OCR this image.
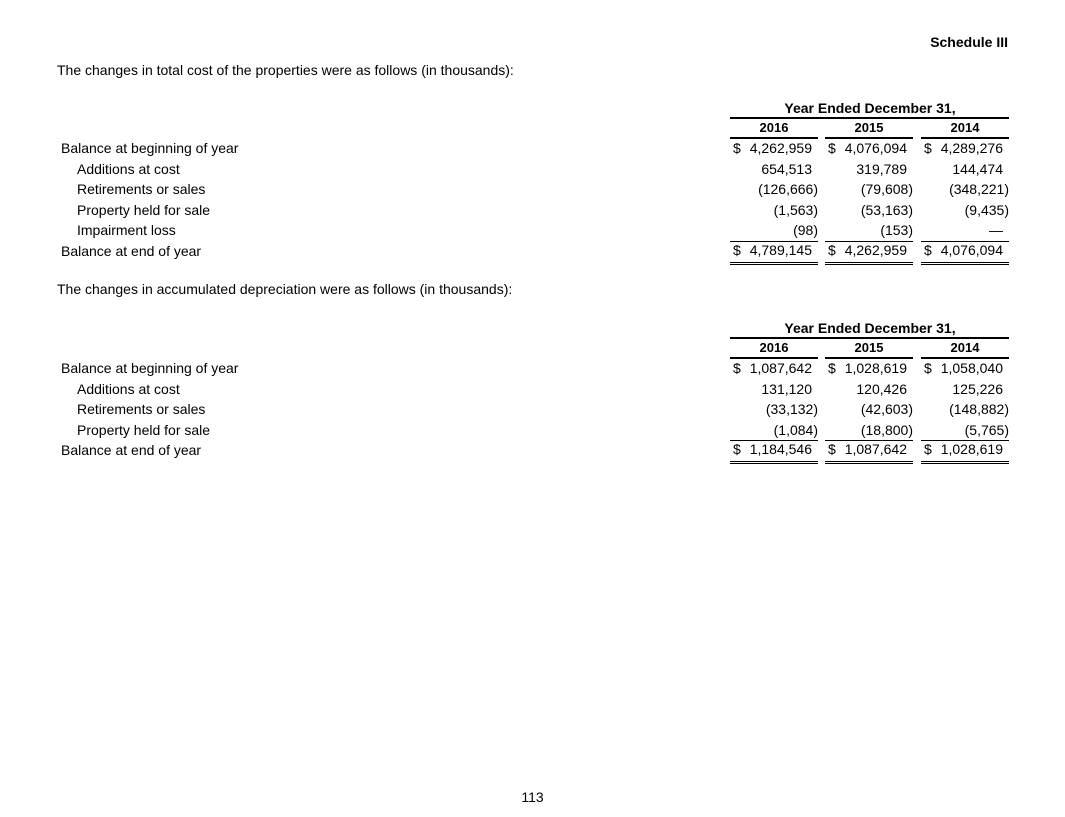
Schedule III
The changes in total cost of the properties were as follows (in thousands):
Year Ended December 31,
2016	2015	2014
Balance at beginning of year	$ 4,262,959 $ 4,076,094 $ 4,289,276
Additions at cost	654,513	319,789	144,474
Retirements or sales	(126,666)	(79,608)	(348,221)
Property held for sale	(1,563)	(53,163)	(9,435)
Impairment loss	(98)	(153)	—
Balance at end of year	$ 4,789,145 $ 4,262,959 $ 4,076,094
The changes in accumulated depreciation were as follows (in thousands):
Year Ended December 31,
2016	2015	2014
Balance at beginning of year	$ 1,087,642 $ 1,028,619 $ 1,058,040
Additions at cost	131,120	120,426	125,226
Retirements or sales	(33,132)	(42,603)	(148,882)
Property held for sale	(1,084)	(18,800)	(5,765)
Balance at end of year	$ 1,184,546 $ 1,087,642 $ 1,028,619
113
